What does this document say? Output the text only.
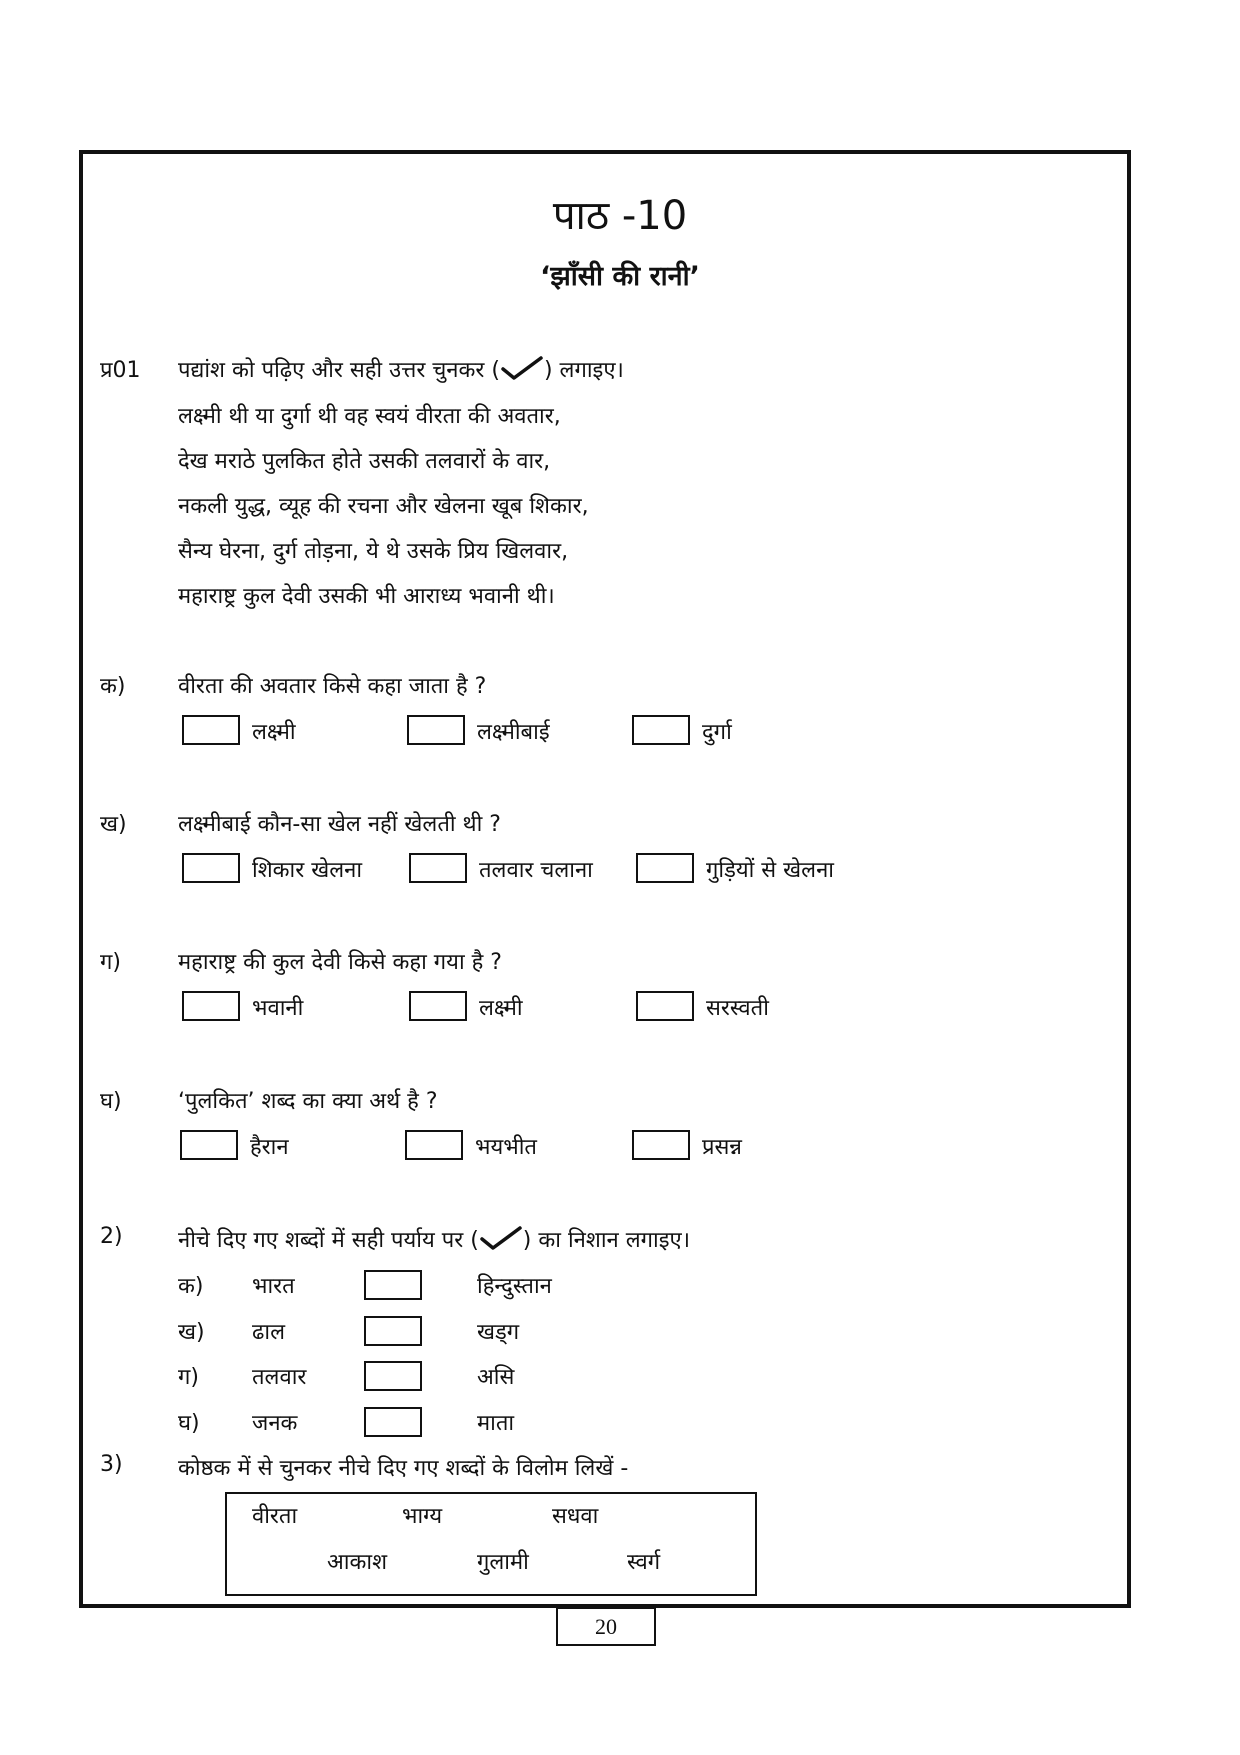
पाठ -10
‘झाँसी की रानी’
प्र01 पद्यांश को पढ़िए और सही उत्तर चुनकर ( ) लगाइए।
लक्ष्मी थी या दुर्गा थी वह स्वयं वीरता की अवतार,
देख मराठे पुलकित होते उसकी तलवारों के वार,
नकली युद्ध, व्यूह की रचना और खेलना खूब शिकार,
सैन्य घेरना, दुर्ग तोड़ना, ये थे उसके प्रिय खिलवार,
महाराष्ट्र कुल देवी उसकी भी आराध्य भवानी थी।
क) वीरता की अवतार किसे कहा जाता है ?
लक्ष्मी	लक्ष्मीबाई	दुर्गा
ख) लक्ष्मीबाई कौन-सा खेल नहीं खेलती थी ?
शिकार खेलना	तलवार चलाना	गुड़ियों से खेलना
ग)	महाराष्ट्र की कुल देवी किसे कहा गया है ?
भवानी	लक्ष्मी	सरस्वती
घ)	‘पुलकित’ शब्द का क्या अर्थ है ?
हैरान	भयभीत	प्रसन्न
2)	नीचे दिए गए शब्दों में सही पर्याय पर ( ) का निशान लगाइए।
क) भारत	हिन्दुस्तान
ख) ढाल	खड्ग
ग) तलवार	असि
घ) जनक	माता
3)	कोष्ठक में से चुनकर नीचे दिए गए शब्दों के विलोम लिखें -
वीरता	भाग्य	सधवा
आकाश	गुलामी	स्वर्ग
20
